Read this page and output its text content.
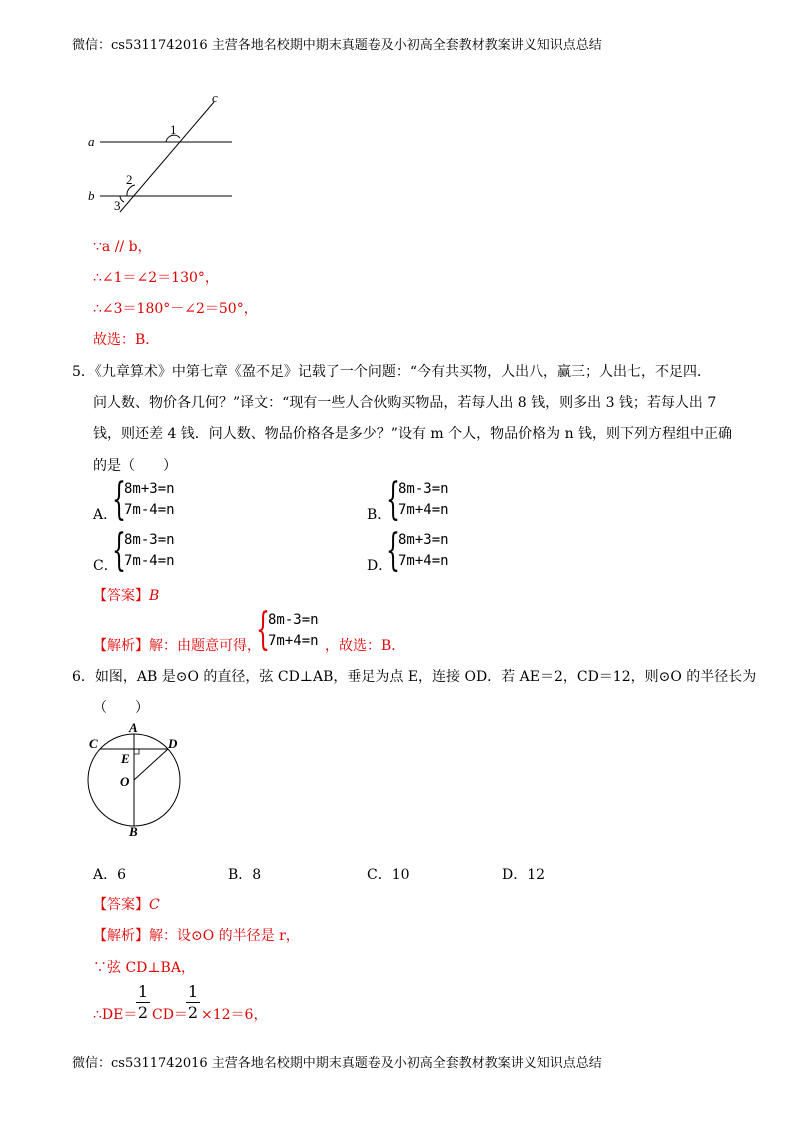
微信：cs5311742016 主营各地名校期中期末真题卷及小初高全套教材教案讲义知识点总结
a
b
c
1
2
3
∵a // b，
∴∠1＝∠2＝130°，
∴∠3＝180°－∠2＝50°，
故选：B．
5．《九章算术》中第七章《盈不足》记载了一个问题：“今有共买物，人出八，赢三；人出七，不足四．
问人数、物价各几何？”译文：“现有一些人合伙购买物品，若每人出 8 钱，则多出 3 钱；若每人出 7
钱，则还差 4 钱．问人数、物品价格各是多少？”设有 m 个人，物品价格为 n 钱，则下列方程组中正确
的是（　　）
A．
{
8m+3=n
7m-4=n	B．
{
8m-3=n
7m+4=n
C．
{
8m-3=n
7m-4=n	D．
{
8m+3=n
7m+4=n
【答案】B
【解析】解：由题意可得，
{
8m-3=n
7m+4=n ，故选：B．
6．如图，AB 是⊙O 的直径，弦 CD⊥AB，垂足为点 E，连接 OD．若 AE＝2，CD＝12，则⊙O 的半径长为
（　　）
A
C	D
E
O
B
A．6	B．8	C．10	D．12
【答案】C
【解析】解：设⊙O 的半径是 r，
∵弦 CD⊥BA，
∴DE＝
1
2 CD＝
1
2 ×12＝6，
微信：cs5311742016 主营各地名校期中期末真题卷及小初高全套教材教案讲义知识点总结
